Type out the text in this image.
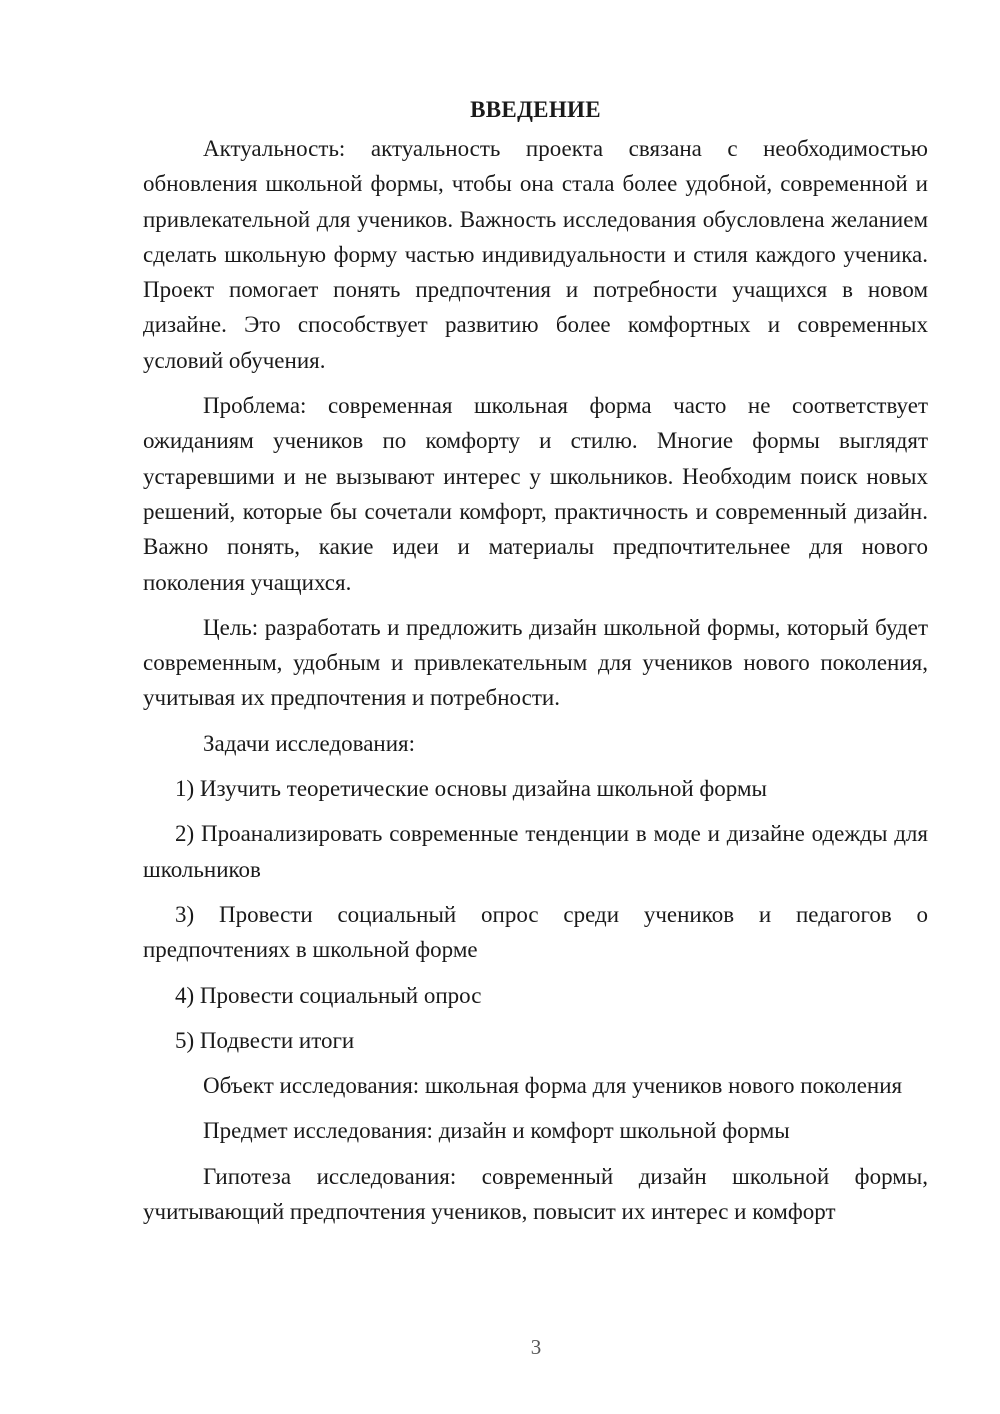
ВВЕДЕНИЕ

Актуальность: актуальность проекта связана с необходимостью обновления школьной формы, чтобы она стала более удобной, современной и привлекательной для учеников. Важность исследования обусловлена желанием сделать школьную форму частью индивидуальности и стиля каждого ученика. Проект помогает понять предпочтения и потребности учащихся в новом дизайне. Это способствует развитию более комфортных и современных условий обучения.

Проблема: современная школьная форма часто не соответствует ожиданиям учеников по комфорту и стилю. Многие формы выглядят устаревшими и не вызывают интерес у школьников. Необходим поиск новых решений, которые бы сочетали комфорт, практичность и современный дизайн. Важно понять, какие идеи и материалы предпочтительнее для нового поколения учащихся.

Цель: разработать и предложить дизайн школьной формы, который будет современным, удобным и привлекательным для учеников нового поколения, учитывая их предпочтения и потребности.

Задачи исследования:

1) Изучить теоретические основы дизайна школьной формы

2) Проанализировать современные тенденции в моде и дизайне одежды для школьников

3) Провести социальный опрос среди учеников и педагогов о предпочтениях в школьной форме

4) Провести социальный опрос

5) Подвести итоги

Объект исследования: школьная форма для учеников нового поколения

Предмет исследования: дизайн и комфорт школьной формы

Гипотеза исследования: современный дизайн школьной формы, учитывающий предпочтения учеников, повысит их интерес и комфорт

3
